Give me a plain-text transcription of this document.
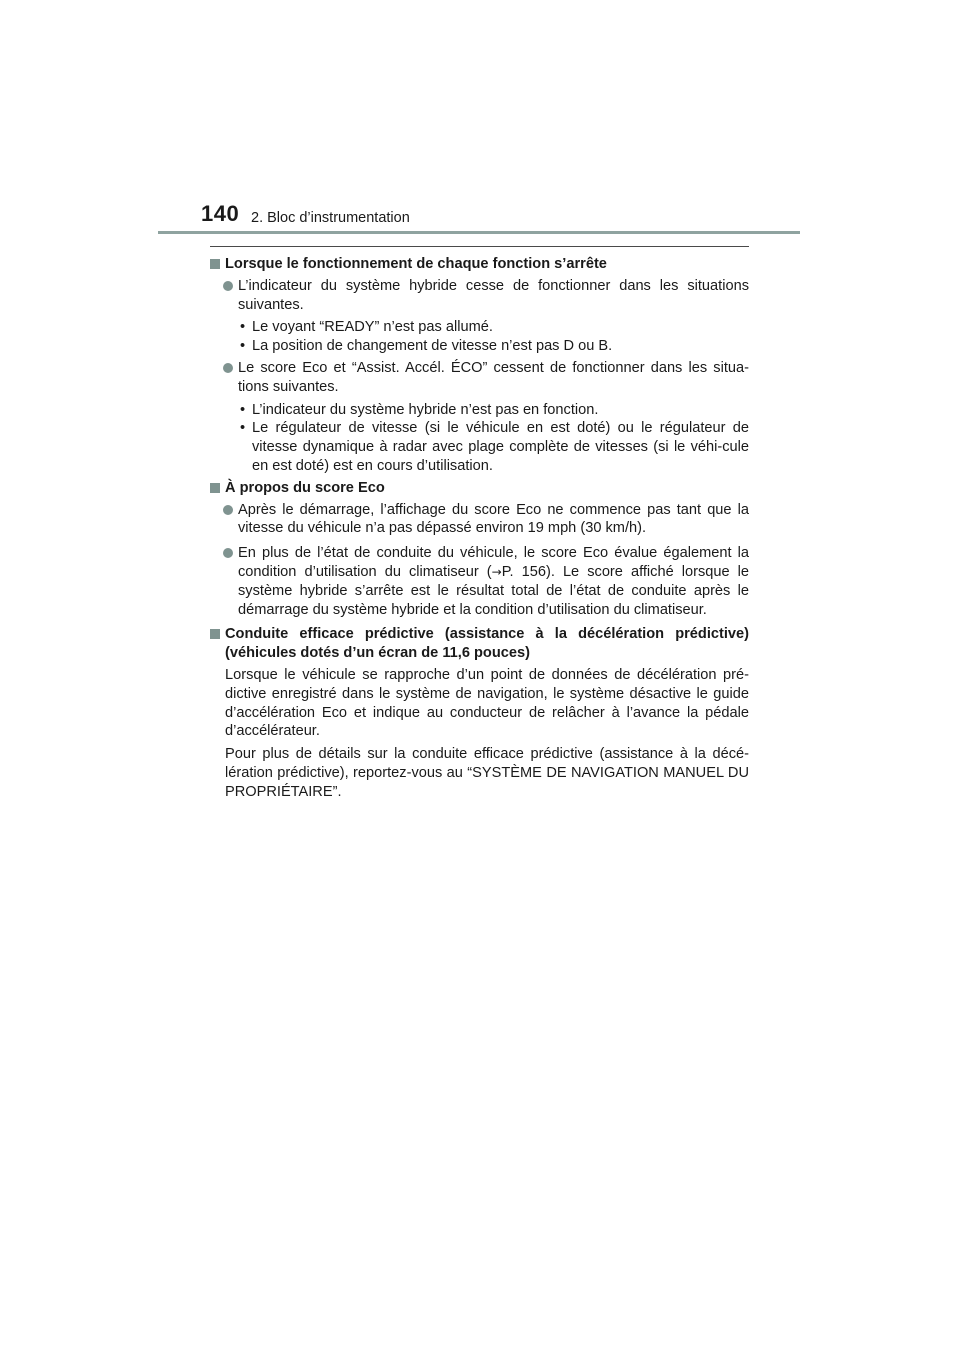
140 2. Bloc d’instrumentation
Lorsque le fonctionnement de chaque fonction s’arrête
L’indicateur du système hybride cesse de fonctionner dans les situations suivantes.
• Le voyant “READY” n’est pas allumé.
• La position de changement de vitesse n’est pas D ou B.
Le score Eco et “Assist. Accél. ÉCO” cessent de fonctionner dans les situa-tions suivantes.
• L’indicateur du système hybride n’est pas en fonction.
• Le régulateur de vitesse (si le véhicule en est doté) ou le régulateur de vitesse dynamique à radar avec plage complète de vitesses (si le véhi-cule en est doté) est en cours d’utilisation.
À propos du score Eco
Après le démarrage, l’affichage du score Eco ne commence pas tant que la vitesse du véhicule n’a pas dépassé environ 19 mph (30 km/h).
En plus de l’état de conduite du véhicule, le score Eco évalue également la condition d’utilisation du climatiseur (→P. 156). Le score affiché lorsque le système hybride s’arrête est le résultat total de l’état de conduite après le démarrage du système hybride et la condition d’utilisation du climatiseur.
Conduite efficace prédictive (assistance à la décélération prédictive) (véhicules dotés d’un écran de 11,6 pouces)

Lorsque le véhicule se rapproche d’un point de données de décélération pré-dictive enregistré dans le système de navigation, le système désactive le guide d’accélération Eco et indique au conducteur de relâcher à l’avance la pédale d’accélérateur.

Pour plus de détails sur la conduite efficace prédictive (assistance à la décé-lération prédictive), reportez-vous au “SYSTÈME DE NAVIGATION MANUEL DU PROPRIÉTAIRE”.
